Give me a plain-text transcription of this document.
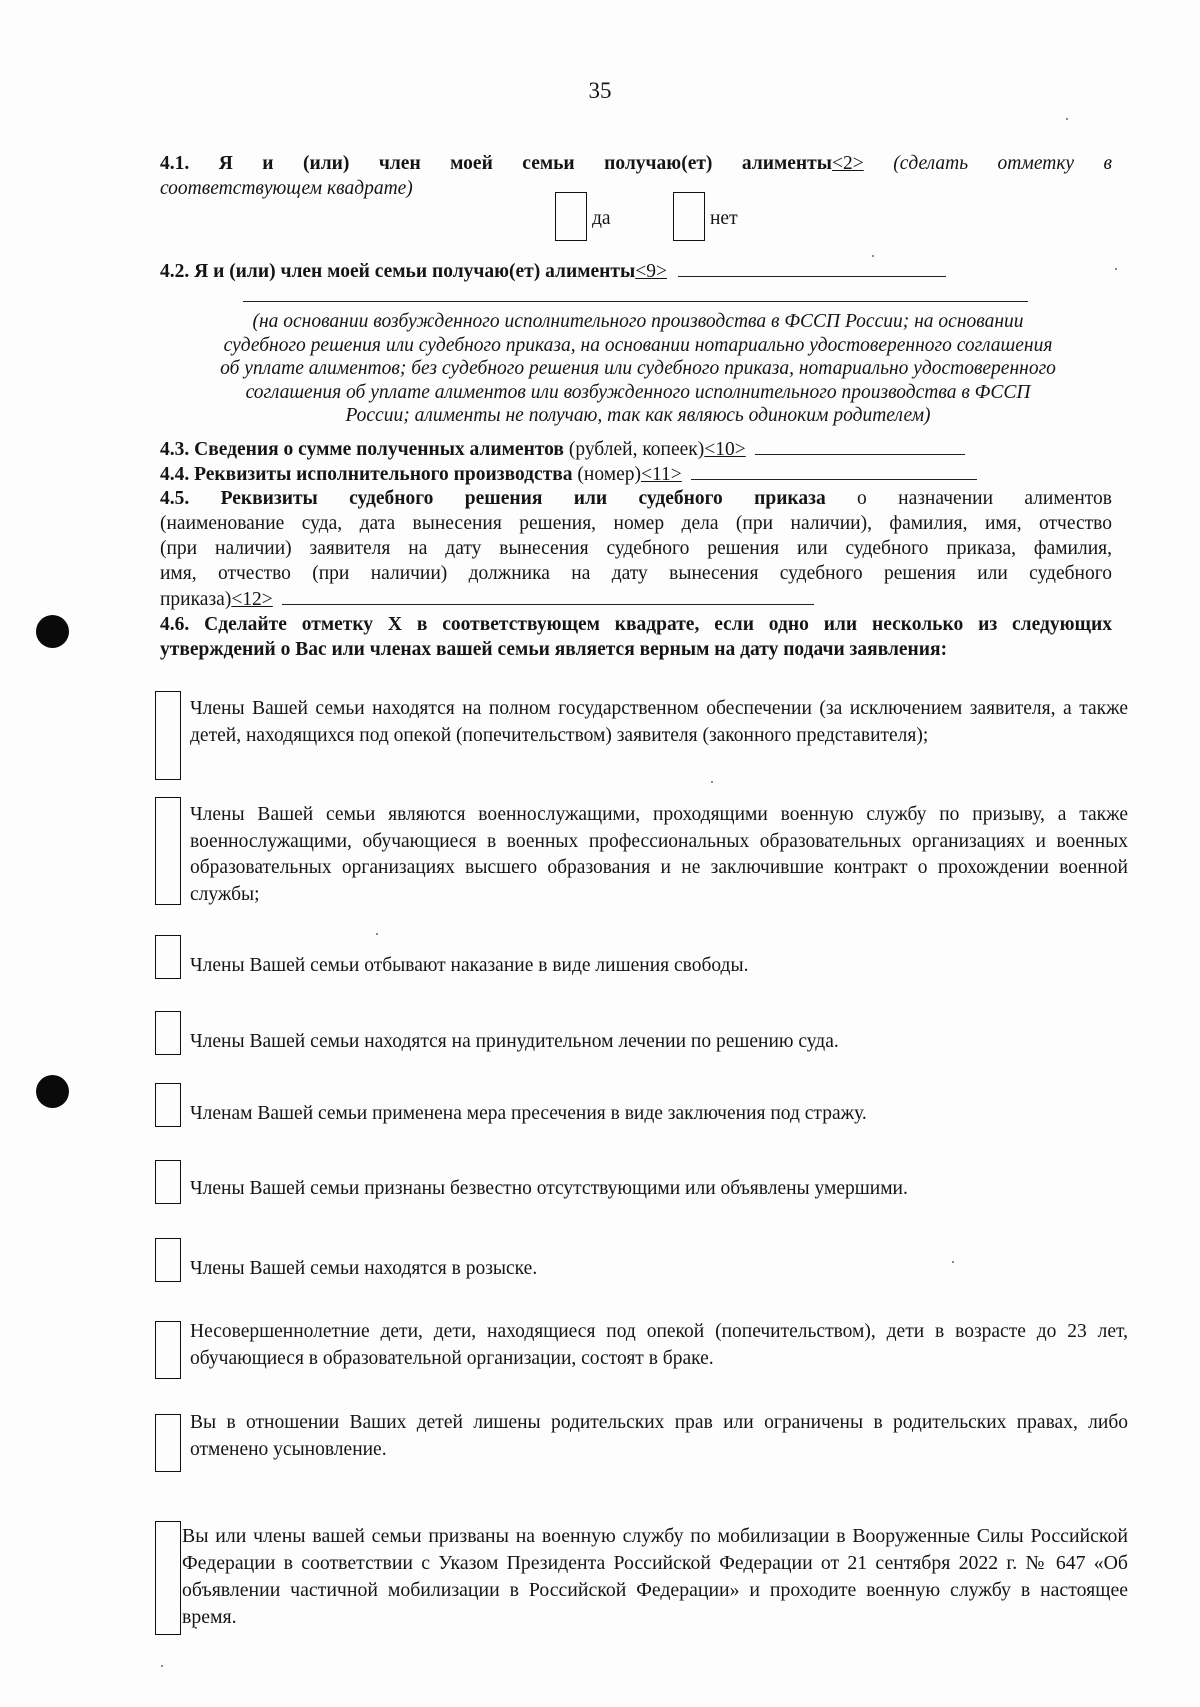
35
4.1. Я и (или) член моей семьи получаю(ет) алименты<2> (сделать отметку в
соответствующем квадрате)
да	нет
4.2. Я и (или) член моей семьи получаю(ет) алименты<9>
(на основании возбужденного исполнительного производства в ФССП России; на основании
судебного решения или судебного приказа, на основании нотариально удостоверенного соглашения
об уплате алиментов; без судебного решения или судебного приказа, нотариально удостоверенного
соглашения об уплате алиментов или возбужденного исполнительного производства в ФССП
России; алименты не получаю, так как являюсь одиноким родителем)
4.3. Сведения о сумме полученных алиментов (рублей, копеек)<10>
4.4. Реквизиты исполнительного производства (номер)<11>
4.5. Реквизиты судебного решения или судебного приказа о назначении алиментов
(наименование суда, дата вынесения решения, номер дела (при наличии), фамилия, имя, отчество
(при наличии) заявителя на дату вынесения судебного решения или судебного приказа, фамилия,
имя, отчество (при наличии) должника на дату вынесения судебного решения или судебного
приказа)<12>
4.6. Сделайте отметку Х в соответствующем квадрате, если одно или несколько из следующих
утверждений о Вас или членах вашей семьи является верным на дату подачи заявления:
Члены Вашей семьи находятся на полном государственном обеспечении (за исключением заявителя, а также детей, находящихся под опекой (попечительством) заявителя (законного представителя);
Члены Вашей семьи являются военнослужащими, проходящими военную службу по призыву, а также военнослужащими, обучающиеся в военных профессиональных образовательных организациях и военных образовательных организациях высшего образования и не заключившие контракт о прохождении военной службы;
Члены Вашей семьи отбывают наказание в виде лишения свободы.
Члены Вашей семьи находятся на принудительном лечении по решению суда.
Членам Вашей семьи применена мера пресечения в виде заключения под стражу.
Члены Вашей семьи признаны безвестно отсутствующими или объявлены умершими.
Члены Вашей семьи находятся в розыске.
Несовершеннолетние дети, дети, находящиеся под опекой (попечительством), дети в возрасте до 23 лет, обучающиеся в образовательной организации, состоят в браке.
Вы в отношении Ваших детей лишены родительских прав или ограничены в родительских правах, либо отменено усыновление.
Вы или члены вашей семьи призваны на военную службу по мобилизации в Вооруженные Силы Российской Федерации в соответствии с Указом Президента Российской Федерации от 21 сентября 2022 г. № 647 «Об объявлении частичной мобилизации в Российской Федерации» и проходите военную службу в настоящее время.
